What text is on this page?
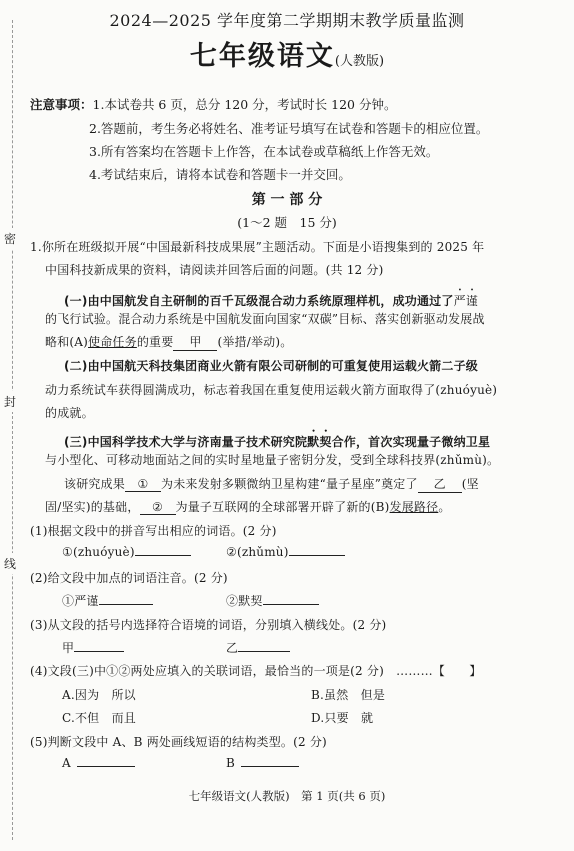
密
封
线
2024—2025 学年度第二学期期末教学质量监测
七年级语文(人教版)
注意事项：1.本试卷共 6 页，总分 120 分，考试时长 120 分钟。
2.答题前，考生务必将姓名、准考证号填写在试卷和答题卡的相应位置。
3.所有答案均在答题卡上作答，在本试卷或草稿纸上作答无效。
4.考试结束后，请将本试卷和答题卡一并交回。
第 一 部 分
(1～2 题　15 分)
1.你所在班级拟开展“中国最新科技成果展”主题活动。下面是小语搜集到的 2025 年
中国科技新成果的资料，请阅读并回答后面的问题。(共 12 分)
(一)由中国航发自主研制的百千瓦级混合动力系统原理样机，成功通过了严谨
的飞行试验。混合动力系统是中国航发面向国家“双碳”目标、落实创新驱动发展战
略和(A)使命任务的重要 甲 (举措/举动)。
(二)由中国航天科技集团商业火箭有限公司研制的可重复使用运载火箭二子级
动力系统试车获得圆满成功，标志着我国在重复使用运载火箭方面取得了(zhuóyuè)
的成就。
(三)中国科学技术大学与济南量子技术研究院默契合作，首次实现量子微纳卫星
与小型化、可移动地面站之间的实时星地量子密钥分发，受到全球科技界(zhǔmù)。
该研究成果 ① 为未来发射多颗微纳卫星构建“量子星座”奠定了 乙 (坚
固/坚实)的基础， ② 为量子互联网的全球部署开辟了新的(B)发展路径。
(1)根据文段中的拼音写出相应的词语。(2 分)
①(zhuóyuè)	②(zhǔmù)
(2)给文段中加点的词语注音。(2 分)
①严谨	②默契
(3)从文段的括号内选择符合语境的词语，分别填入横线处。(2 分)
甲	乙
(4)文段(三)中①②两处应填入的关联词语，最恰当的一项是(2 分)　………【　　】
A.因为　所以	B.虽然　但是
C.不但　而且	D.只要　就
(5)判断文段中 A、B 两处画线短语的结构类型。(2 分)
A	B
七年级语文(人教版)　第 1 页(共 6 页)
